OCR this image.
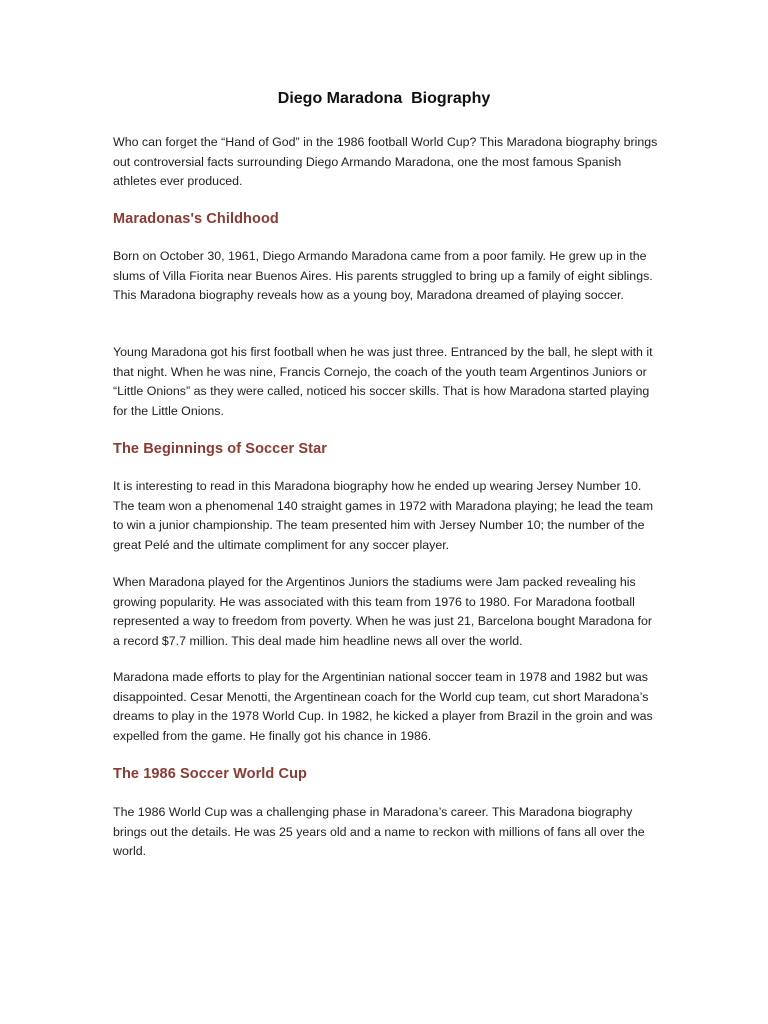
Diego Maradona  Biography

Who can forget the “Hand of God” in the 1986 football World Cup? This Maradona biography brings out controversial facts surrounding Diego Armando Maradona, one the most famous Spanish athletes ever produced.

Maradonas's Childhood

Born on October 30, 1961, Diego Armando Maradona came from a poor family. He grew up in the slums of Villa Fiorita near Buenos Aires. His parents struggled to bring up a family of eight siblings. This Maradona biography reveals how as a young boy, Maradona dreamed of playing soccer.

Young Maradona got his first football when he was just three. Entranced by the ball, he slept with it that night. When he was nine, Francis Cornejo, the coach of the youth team Argentinos Juniors or “Little Onions” as they were called, noticed his soccer skills. That is how Maradona started playing for the Little Onions.

The Beginnings of Soccer Star

It is interesting to read in this Maradona biography how he ended up wearing Jersey Number 10. The team won a phenomenal 140 straight games in 1972 with Maradona playing; he lead the team to win a junior championship. The team presented him with Jersey Number 10; the number of the great Pelé and the ultimate compliment for any soccer player.

When Maradona played for the Argentinos Juniors the stadiums were Jam packed revealing his growing popularity. He was associated with this team from 1976 to 1980. For Maradona football represented a way to freedom from poverty. When he was just 21, Barcelona bought Maradona for a record $7.7 million. This deal made him headline news all over the world.

Maradona made efforts to play for the Argentinian national soccer team in 1978 and 1982 but was disappointed. Cesar Menotti, the Argentinean coach for the World cup team, cut short Maradona’s dreams to play in the 1978 World Cup. In 1982, he kicked a player from Brazil in the groin and was expelled from the game. He finally got his chance in 1986.

The 1986 Soccer World Cup

The 1986 World Cup was a challenging phase in Maradona’s career. This Maradona biography brings out the details. He was 25 years old and a name to reckon with millions of fans all over the world.
